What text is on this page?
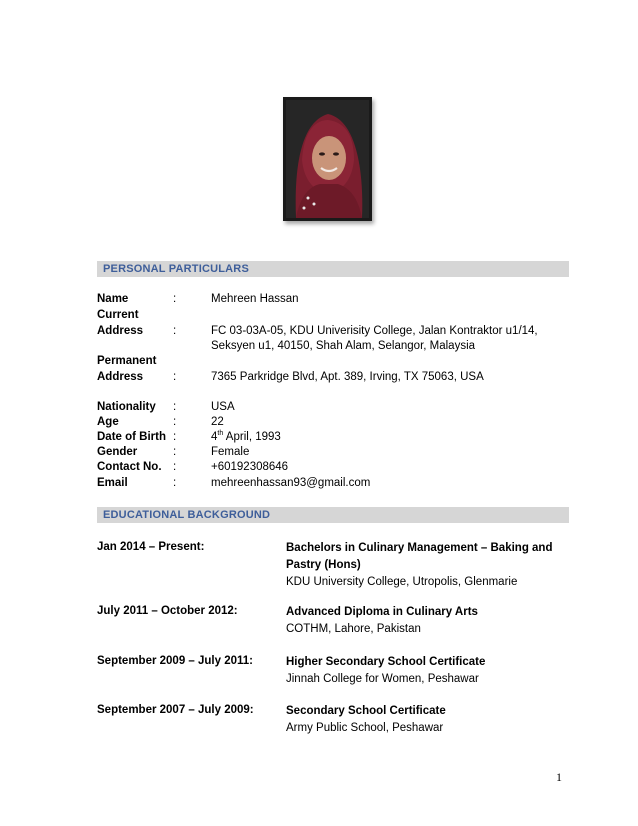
PERSONAL PARTICULARS
Name	:	Mehreen Hassan
Current
Address	:	FC 03-03A-05, KDU Univerisity College, Jalan Kontraktor u1/14,
Seksyen u1, 40150, Shah Alam, Selangor, Malaysia
Permanent
Address	:	7365 Parkridge Blvd, Apt. 389, Irving, TX 75063, USA
Nationality :	USA
Age	:	22
Date of Birth :	4th April, 1993
Gender	:	Female
Contact No. :	+60192308646
Email	:	mehreenhassan93@gmail.com
EDUCATIONAL BACKGROUND
Jan 2014 – Present:	Bachelors in Culinary Management – Baking and Pastry (Hons)
KDU University College, Utropolis, Glenmarie
July 2011 – October 2012:	Advanced Diploma in Culinary Arts
COTHM, Lahore, Pakistan
September 2009 – July 2011:	Higher Secondary School Certificate
Jinnah College for Women, Peshawar
September 2007 – July 2009:	Secondary School Certificate
Army Public School, Peshawar
1
